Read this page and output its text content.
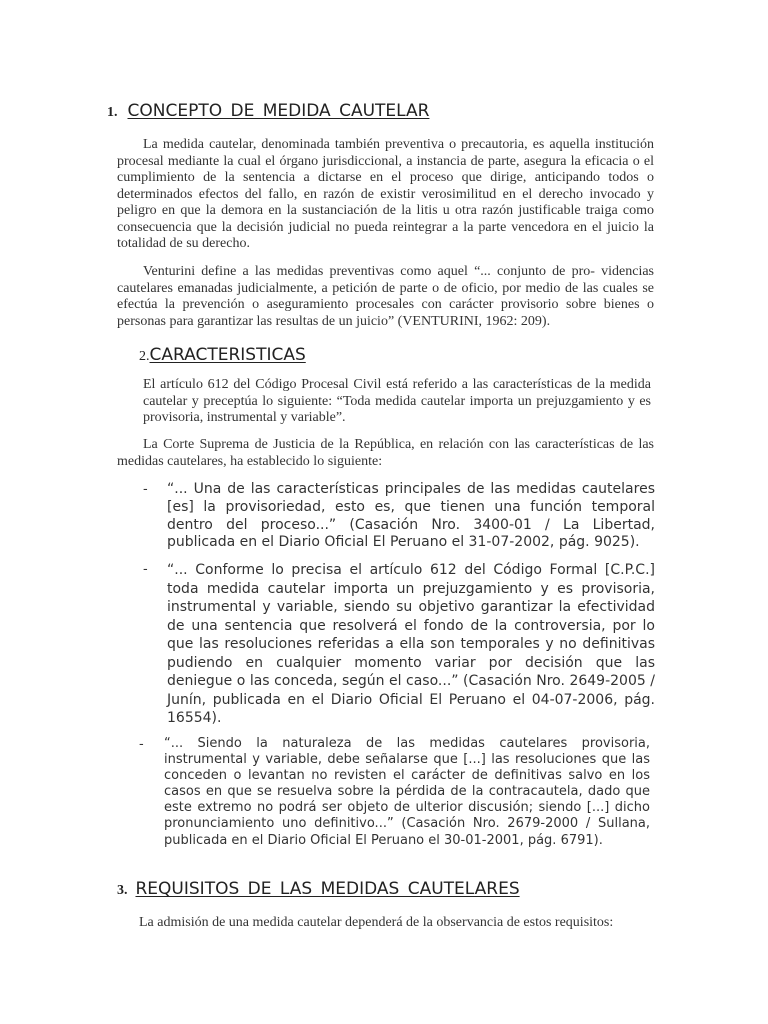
1. CONCEPTO DE MEDIDA CAUTELAR

La medida cautelar, denominada también preventiva o precautoria, es aquella institución procesal mediante la cual el órgano jurisdiccional, a instancia de parte, asegura la eficacia o el cumplimiento de la sentencia a dictarse en el proceso que dirige, anticipando todos o determinados efectos del fallo, en razón de existir verosimilitud en el derecho invocado y peligro en que la demora en la sustanciación de la litis u otra razón justificable traiga como consecuencia que la decisión judicial no pueda reintegrar a la parte vencedora en el juicio la totalidad de su derecho.

Venturini define a las medidas preventivas como aquel “... conjunto de pro- videncias cautelares emanadas judicialmente, a petición de parte o de oficio, por medio de las cuales se efectúa la prevención o aseguramiento procesales con carácter provisorio sobre bienes o personas para garantizar las resultas de un juicio” (VENTURINI, 1962: 209).

2. CARACTERISTICAS

El artículo 612 del Código Procesal Civil está referido a las características de la medida cautelar y preceptúa lo siguiente: “Toda medida cautelar importa un prejuzgamiento y es provisoria, instrumental y variable”.

La Corte Suprema de Justicia de la República, en relación con las características de las medidas cautelares, ha establecido lo siguiente:

- “... Una de las características principales de las medidas cautelares [es] la provisoriedad, esto es, que tienen una función temporal dentro del proceso...” (Casación Nro. 3400-01 / La Libertad, publicada en el Diario Oficial El Peruano el 31-07-2002, pág. 9025).

- “... Conforme lo precisa el artículo 612 del Código Formal [C.P.C.] toda medida cautelar importa un prejuzgamiento y es provisoria, instrumental y variable, siendo su objetivo garantizar la efectividad de una sentencia que resolverá el fondo de la controversia, por lo que las resoluciones referidas a ella son temporales y no definitivas pudiendo en cualquier momento variar por decisión que las deniegue o las conceda, según el caso...” (Casación Nro. 2649-2005 / Junín, publicada en el Diario Oficial El Peruano el 04-07-2006, pág. 16554).

- “... Siendo la naturaleza de las medidas cautelares provisoria, instrumental y variable, debe señalarse que [...] las resoluciones que las conceden o levantan no revisten el carácter de definitivas salvo en los casos en que se resuelva sobre la pérdida de la contracautela, dado que este extremo no podrá ser objeto de ulterior discusión; siendo [...] dicho pronunciamiento uno definitivo...” (Casación Nro. 2679-2000 / Sullana, publicada en el Diario Oficial El Peruano el 30-01-2001, pág. 6791).

3. REQUISITOS DE LAS MEDIDAS CAUTELARES

La admisión de una medida cautelar dependerá de la observancia de estos requisitos:
